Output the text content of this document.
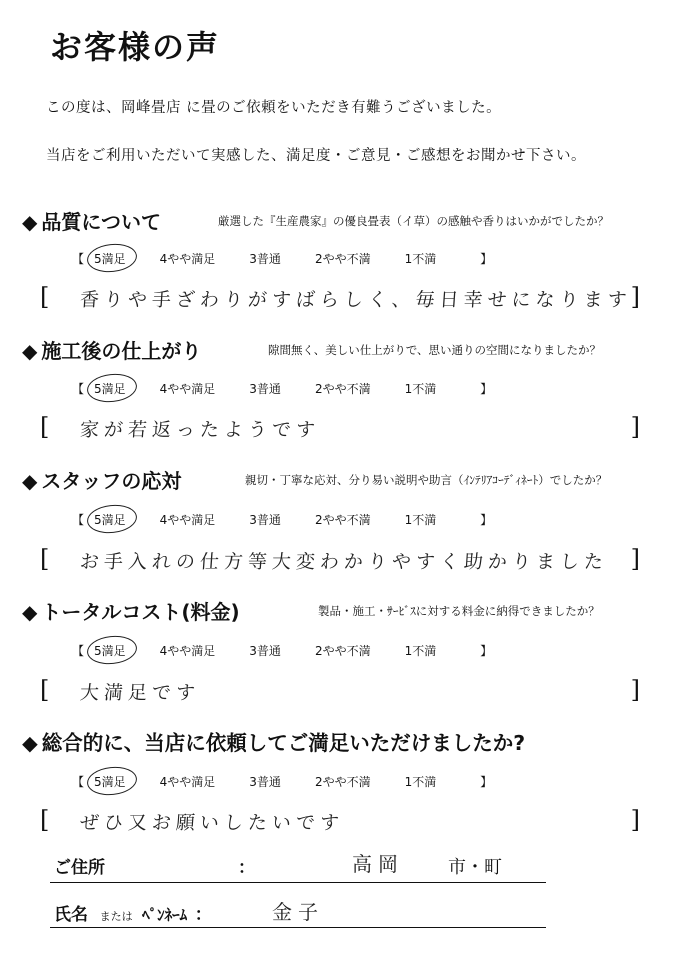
お客様の声
この度は、岡峰畳店 に畳のご依頼をいただき有難うございました。
当店をご利用いただいて実感した、満足度・ご意見・ご感想をお聞かせ下さい。
◆ 品質について	厳選した『生産農家』の優良畳表（イ草）の感触や香りはいかがでしたか？
【 5満足	4やや満足	3普通	2やや不満	1不満	】
[ 香りや手ざわりがすばらしく、毎日幸せになります
]
◆ 施工後の仕上がり	隙間無く、美しい仕上がりで、思い通りの空間になりましたか？
【 5満足	4やや満足	3普通	2やや不満	1不満	】
[ 家が若返ったようです	]
◆ スタッフの応対	親切・丁寧な応対、分り易い説明や助言（ｲﾝﾃﾘｱｺｰﾃﾞｨﾈｰﾄ）でしたか？
【 5満足	4やや満足	3普通	2やや不満	1不満	】
[ お手入れの仕方等大変わかりやすく助かりました ]
◆ トータルコスト(料金)	製品・施工・ｻｰﾋﾞｽに対する料金に納得できましたか？
【 5満足	4やや満足	3普通	2やや不満	1不満	】
[ 大満足です	]
◆ 総合的に、当店に依頼してご満足いただけましたか?
【 5満足	4やや満足	3普通	2やや不満	1不満	】
[ ぜひ又お願いしたいです	]
ご住所	：	高岡 市・町
氏名 または ﾍﾟﾝﾈｰﾑ ：	金子
